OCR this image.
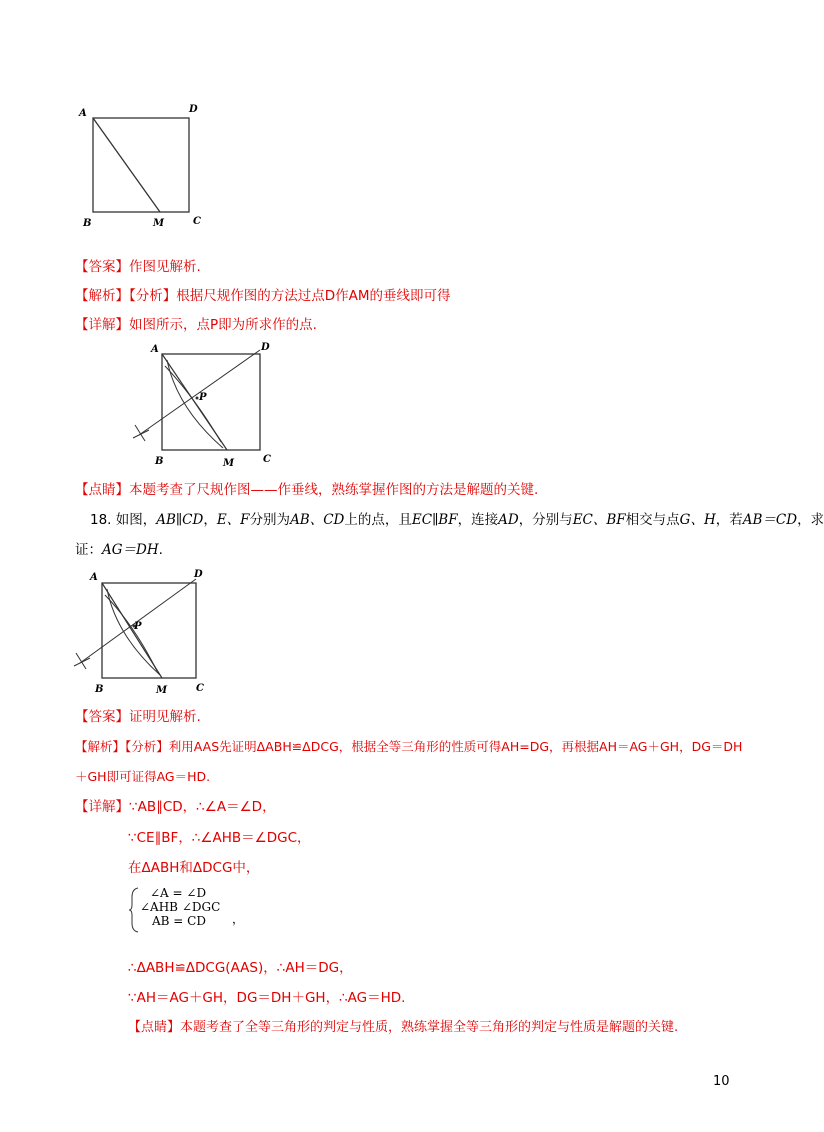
A	D
B	M	C
【答案】作图见解析.
【解析】【分析】根据尺规作图的方法过点D作AM的垂线即可得
【详解】如图所示，点P即为所求作的点.
A	D
P
B	M	C
【点睛】本题考查了尺规作图——作垂线，熟练掌握作图的方法是解题的关键.
18. 如图，AB∥CD，E、F分别为AB、CD上的点，且EC∥BF，连接AD，分别与EC、BF相交与点G、H，若AB＝CD，求
证：AG＝DH.
A	D
P
B	M	C
【答案】证明见解析.
【解析】【分析】利用AAS先证明ΔABH≌ΔDCG，根据全等三角形的性质可得AH=DG，再根据AH＝AG＋GH，DG＝DH
＋GH即可证得AG＝HD.
【详解】∵AB∥CD，∴∠A＝∠D，
∵CE∥BF，∴∠AHB＝∠DGC，
在ΔABH和ΔDCG中，
∠A = ∠D
∠AHB ∠DGC
AB = CD	，
∴ΔABH≌ΔDCG(AAS)，∴AH＝DG，
∵AH＝AG＋GH，DG＝DH＋GH，∴AG＝HD.
【点睛】本题考查了全等三角形的判定与性质，熟练掌握全等三角形的判定与性质是解题的关键.
10
